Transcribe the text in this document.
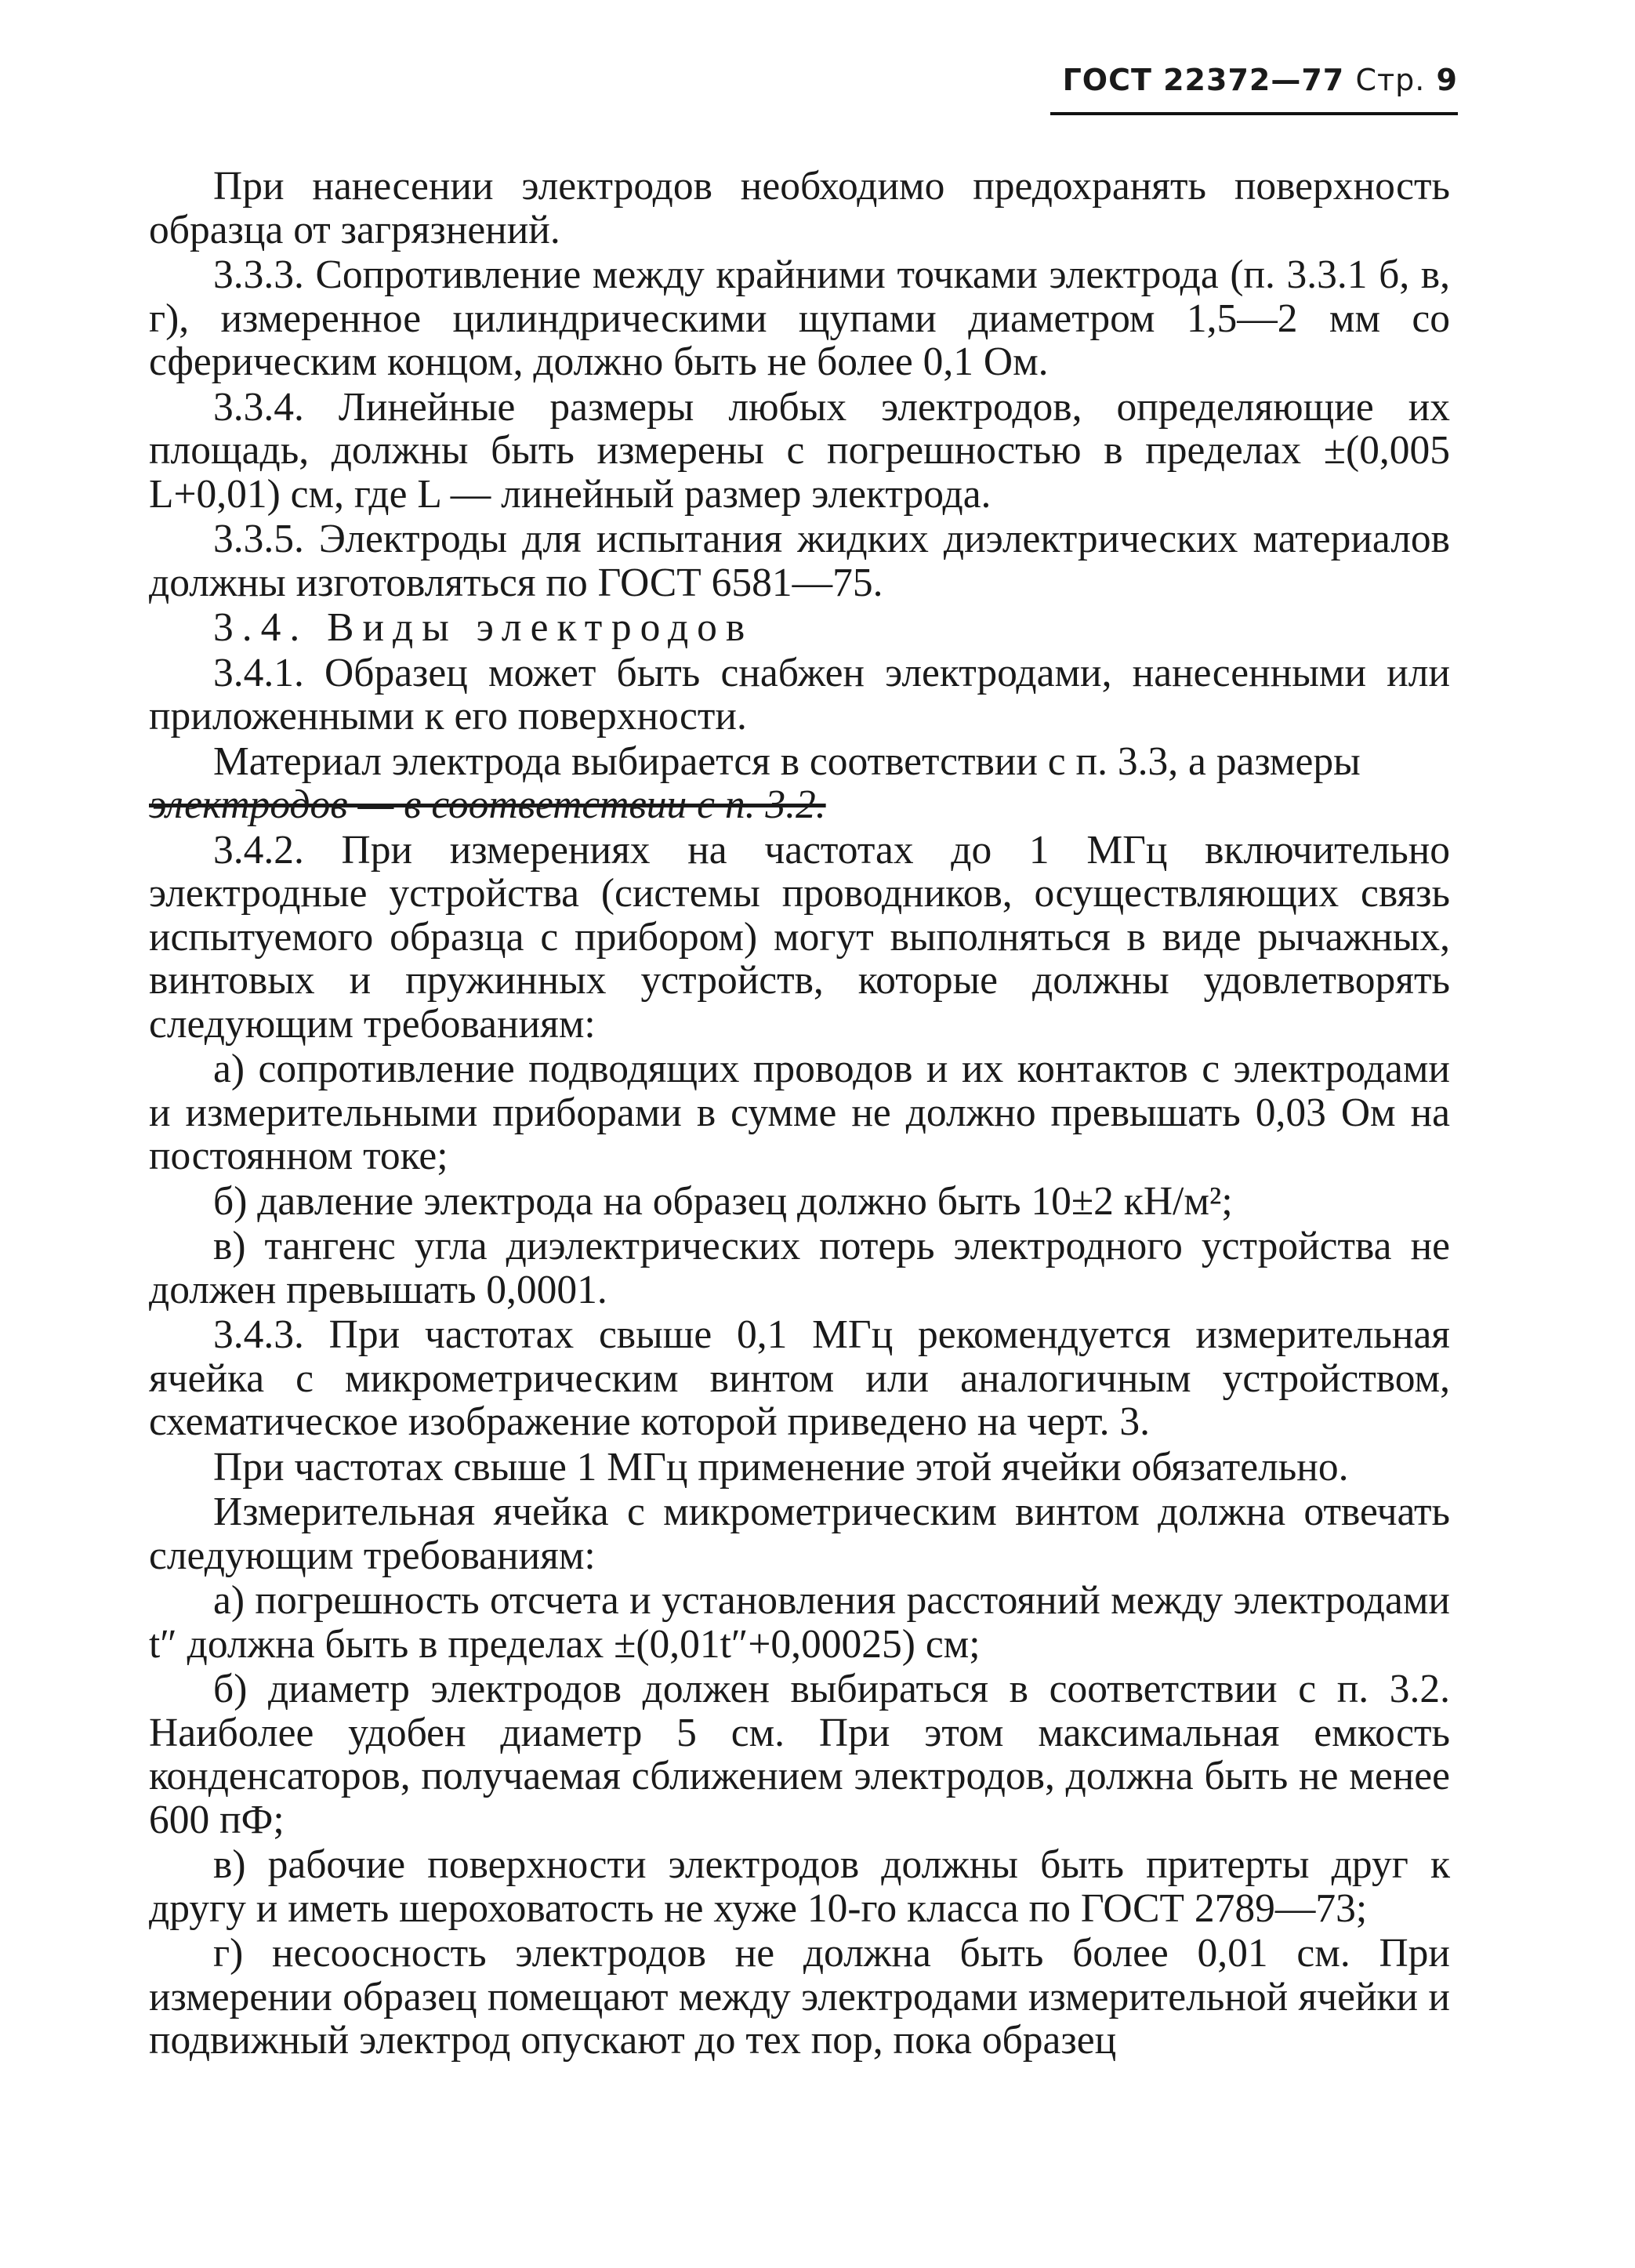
ГОСТ 22372—77 Стр. 9

При нанесении электродов необходимо предохранять поверхность образца от загрязнений.

3.3.3. Сопротивление между крайними точками электрода (п. 3.3.1 б, в, г), измеренное цилиндрическими щупами диаметром 1,5—2 мм со сферическим концом, должно быть не более 0,1 Ом.

3.3.4. Линейные размеры любых электродов, определяющие их площадь, должны быть измерены с погрешностью в пределах ±(0,005 L+0,01) см, где L — линейный размер электрода.

3.3.5. Электроды для испытания жидких диэлектрических материалов должны изготовляться по ГОСТ 6581—75.

3.4. Виды электродов

3.4.1. Образец может быть снабжен электродами, нанесенными или приложенными к его поверхности.

Материал электрода выбирается в соответствии с п. 3.3, а размеры

электродов — в соответствии с п. 3.2.

3.4.2. При измерениях на частотах до 1 МГц включительно электродные устройства (системы проводников, осуществляющих связь испытуемого образца с прибором) могут выполняться в виде рычажных, винтовых и пружинных устройств, которые должны удовлетворять следующим требованиям:

а) сопротивление подводящих проводов и их контактов с электродами и измерительными приборами в сумме не должно превышать 0,03 Ом на постоянном токе;

б) давление электрода на образец должно быть 10±2 кН/м²;

в) тангенс угла диэлектрических потерь электродного устройства не должен превышать 0,0001.

3.4.3. При частотах свыше 0,1 МГц рекомендуется измерительная ячейка с микрометрическим винтом или аналогичным устройством, схематическое изображение которой приведено на черт. 3.

При частотах свыше 1 МГц применение этой ячейки обязательно.

Измерительная ячейка с микрометрическим винтом должна отвечать следующим требованиям:

а) погрешность отсчета и установления расстояний между электродами t″ должна быть в пределах ±(0,01t″+0,00025) см;

б) диаметр электродов должен выбираться в соответствии с п. 3.2. Наиболее удобен диаметр 5 см. При этом максимальная емкость конденсаторов, получаемая сближением электродов, должна быть не менее 600 пФ;

в) рабочие поверхности электродов должны быть притерты друг к другу и иметь шероховатость не хуже 10-го класса по ГОСТ 2789—73;

г) несоосность электродов не должна быть более 0,01 см. При измерении образец помещают между электродами измерительной ячейки и подвижный электрод опускают до тех пор, пока образец
